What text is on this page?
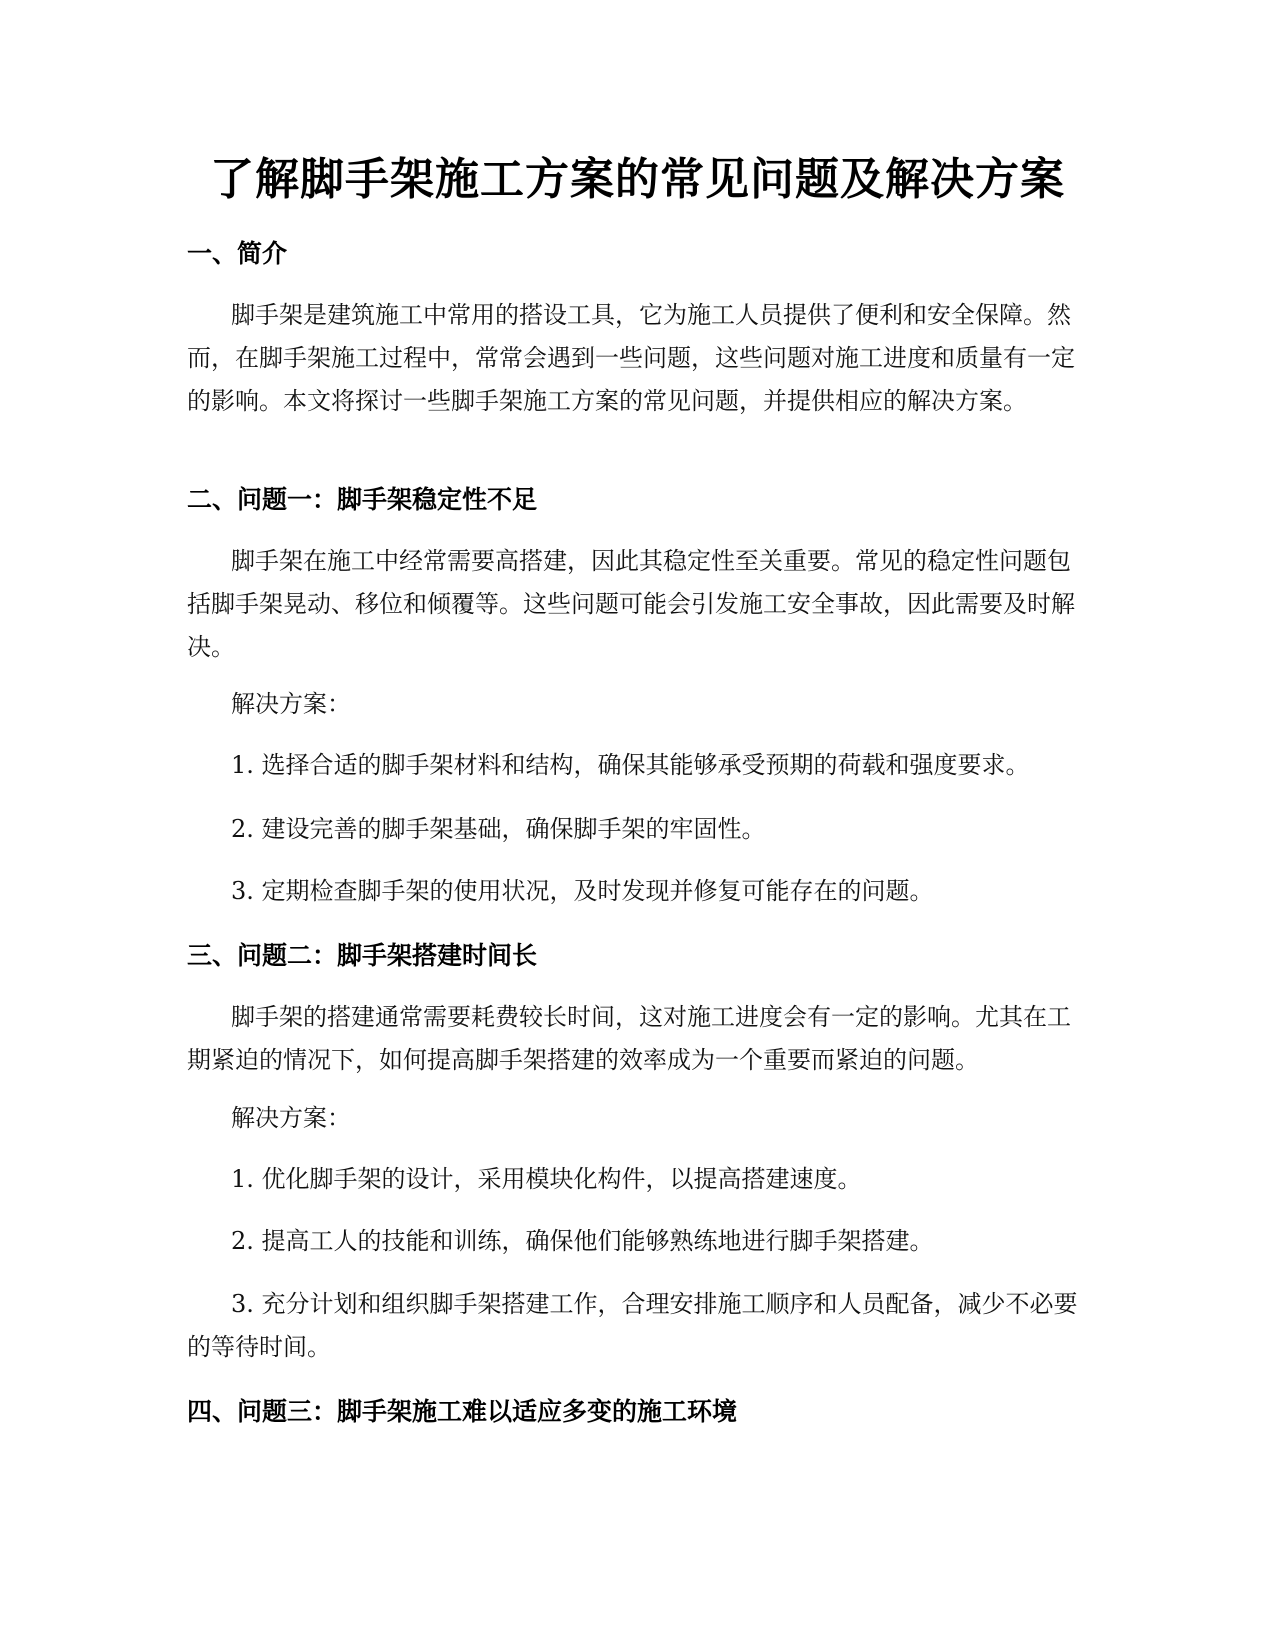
了解脚手架施工方案的常见问题及解决方案
一、简介

脚手架是建筑施工中常用的搭设工具，它为施工人员提供了便利和安全保障。然而，在脚手架施工过程中，常常会遇到一些问题，这些问题对施工进度和质量有一定的影响。本文将探讨一些脚手架施工方案的常见问题，并提供相应的解决方案。

二、问题一：脚手架稳定性不足

脚手架在施工中经常需要高搭建，因此其稳定性至关重要。常见的稳定性问题包括脚手架晃动、移位和倾覆等。这些问题可能会引发施工安全事故，因此需要及时解决。

解决方案：

1. 选择合适的脚手架材料和结构，确保其能够承受预期的荷载和强度要求。

2. 建设完善的脚手架基础，确保脚手架的牢固性。

3. 定期检查脚手架的使用状况，及时发现并修复可能存在的问题。

三、问题二：脚手架搭建时间长

脚手架的搭建通常需要耗费较长时间，这对施工进度会有一定的影响。尤其在工期紧迫的情况下，如何提高脚手架搭建的效率成为一个重要而紧迫的问题。

解决方案：

1. 优化脚手架的设计，采用模块化构件，以提高搭建速度。

2. 提高工人的技能和训练，确保他们能够熟练地进行脚手架搭建。

3. 充分计划和组织脚手架搭建工作，合理安排施工顺序和人员配备，减少不必要的等待时间。

四、问题三：脚手架施工难以适应多变的施工环境
